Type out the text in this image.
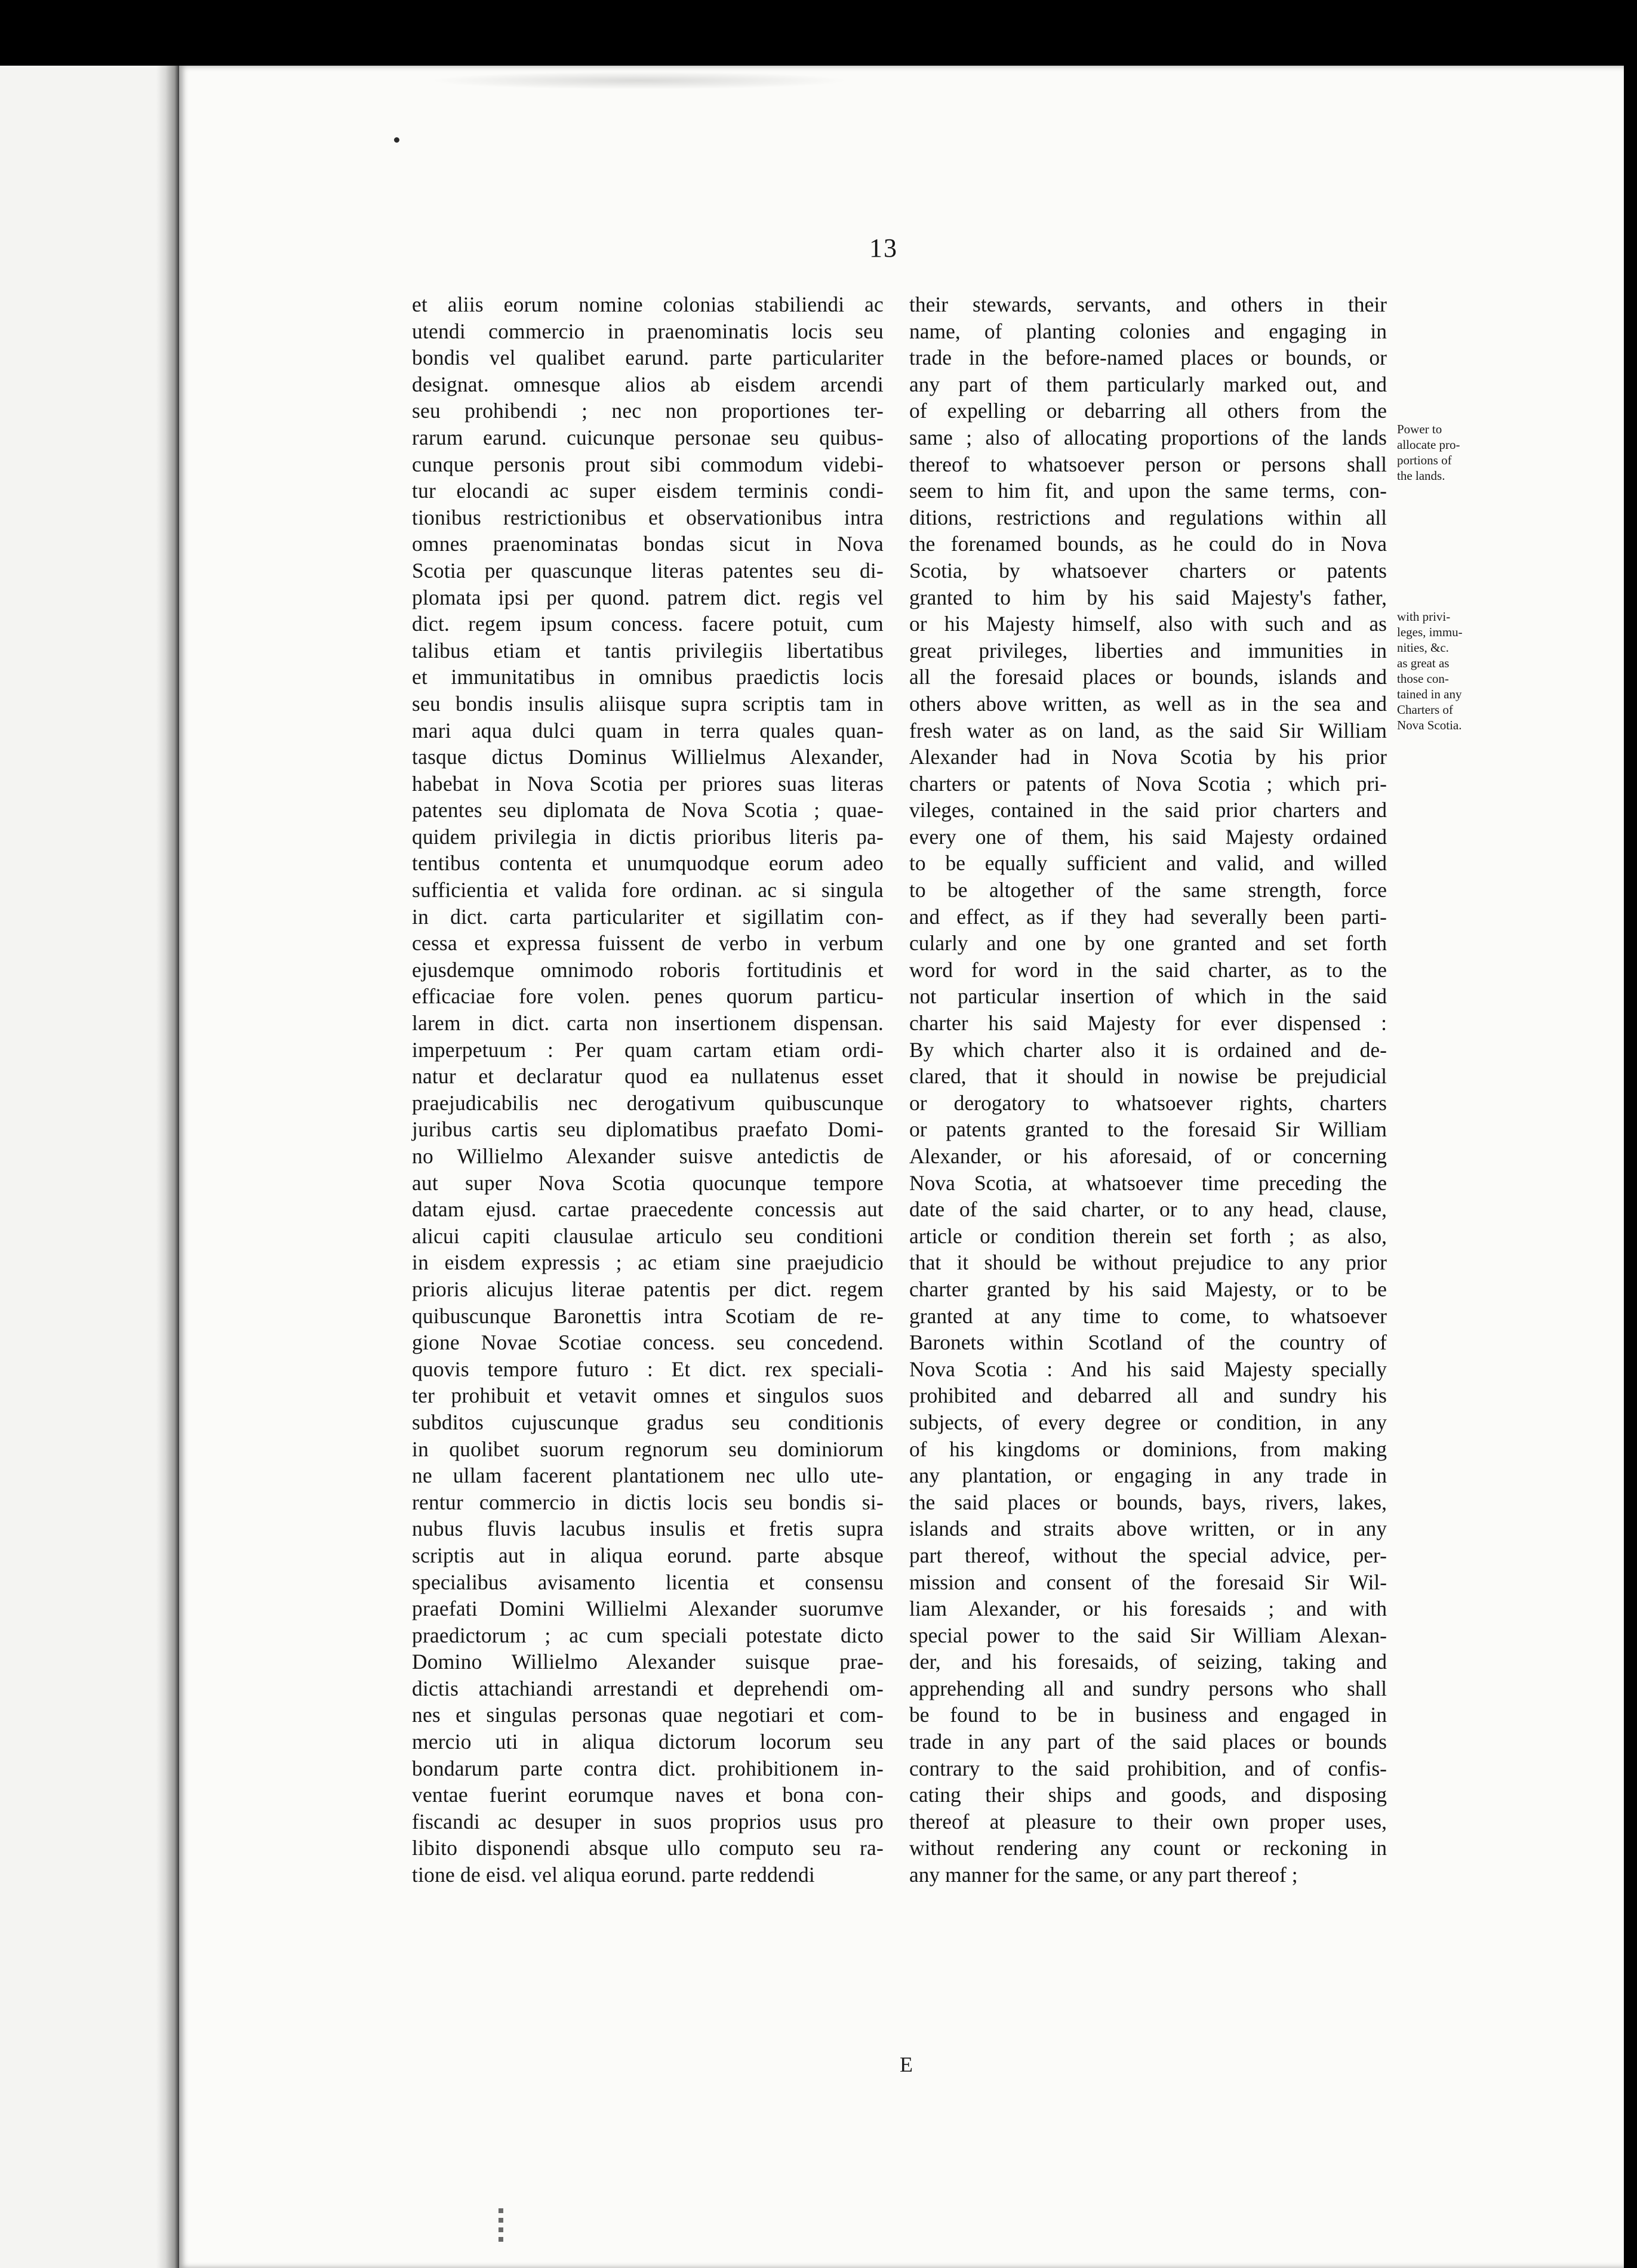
13
et aliis eorum nomine colonias stabiliendi ac
utendi commercio in praenominatis locis seu
bondis vel qualibet earund. parte particulariter
designat. omnesque alios ab eisdem arcendi
seu prohibendi ; nec non proportiones ter-
rarum earund. cuicunque personae seu quibus-
cunque personis prout sibi commodum videbi-
tur elocandi ac super eisdem terminis condi-
tionibus restrictionibus et observationibus intra
omnes praenominatas bondas sicut in Nova
Scotia per quascunque literas patentes seu di-
plomata ipsi per quond. patrem dict. regis vel
dict. regem ipsum concess. facere potuit, cum
talibus etiam et tantis privilegiis libertatibus
et immunitatibus in omnibus praedictis locis
seu bondis insulis aliisque supra scriptis tam in
mari aqua dulci quam in terra quales quan-
tasque dictus Dominus Willielmus Alexander,
habebat in Nova Scotia per priores suas literas
patentes seu diplomata de Nova Scotia ; quae-
quidem privilegia in dictis prioribus literis pa-
tentibus contenta et unumquodque eorum adeo
sufficientia et valida fore ordinan. ac si singula
in dict. carta particulariter et sigillatim con-
cessa et expressa fuissent de verbo in verbum
ejusdemque omnimodo roboris fortitudinis et
efficaciae fore volen. penes quorum particu-
larem in dict. carta non insertionem dispensan.
imperpetuum : Per quam cartam etiam ordi-
natur et declaratur quod ea nullatenus esset
praejudicabilis nec derogativum quibuscunque
juribus cartis seu diplomatibus praefato Domi-
no Willielmo Alexander suisve antedictis de
aut super Nova Scotia quocunque tempore
datam ejusd. cartae praecedente concessis aut
alicui capiti clausulae articulo seu conditioni
in eisdem expressis ; ac etiam sine praejudicio
prioris alicujus literae patentis per dict. regem
quibuscunque Baronettis intra Scotiam de re-
gione Novae Scotiae concess. seu concedend.
quovis tempore futuro : Et dict. rex speciali-
ter prohibuit et vetavit omnes et singulos suos
subditos cujuscunque gradus seu conditionis
in quolibet suorum regnorum seu dominiorum
ne ullam facerent plantationem nec ullo ute-
rentur commercio in dictis locis seu bondis si-
nubus fluvis lacubus insulis et fretis supra
scriptis aut in aliqua eorund. parte absque
specialibus avisamento licentia et consensu
praefati Domini Willielmi Alexander suorumve
praedictorum ; ac cum speciali potestate dicto
Domino Willielmo Alexander suisque prae-
dictis attachiandi arrestandi et deprehendi om-
nes et singulas personas quae negotiari et com-
mercio uti in aliqua dictorum locorum seu
bondarum parte contra dict. prohibitionem in-
ventae fuerint eorumque naves et bona con-
fiscandi ac desuper in suos proprios usus pro
libito disponendi absque ullo computo seu ra-
tione de eisd. vel aliqua eorund. parte reddendi
their stewards, servants, and others in their
name, of planting colonies and engaging in
trade in the before-named places or bounds, or
any part of them particularly marked out, and
of expelling or debarring all others from the
same ; also of allocating proportions of the lands
thereof to whatsoever person or persons shall
seem to him fit, and upon the same terms, con-
ditions, restrictions and regulations within all
the forenamed bounds, as he could do in Nova
Scotia, by whatsoever charters or patents
granted to him by his said Majesty's father,
or his Majesty himself, also with such and as
great privileges, liberties and immunities in
all the foresaid places or bounds, islands and
others above written, as well as in the sea and
fresh water as on land, as the said Sir William
Alexander had in Nova Scotia by his prior
charters or patents of Nova Scotia ; which pri-
vileges, contained in the said prior charters and
every one of them, his said Majesty ordained
to be equally sufficient and valid, and willed
to be altogether of the same strength, force
and effect, as if they had severally been parti-
cularly and one by one granted and set forth
word for word in the said charter, as to the
not particular insertion of which in the said
charter his said Majesty for ever dispensed :
By which charter also it is ordained and de-
clared, that it should in nowise be prejudicial
or derogatory to whatsoever rights, charters
or patents granted to the foresaid Sir William
Alexander, or his aforesaid, of or concerning
Nova Scotia, at whatsoever time preceding the
date of the said charter, or to any head, clause,
article or condition therein set forth ; as also,
that it should be without prejudice to any prior
charter granted by his said Majesty, or to be
granted at any time to come, to whatsoever
Baronets within Scotland of the country of
Nova Scotia : And his said Majesty specially
prohibited and debarred all and sundry his
subjects, of every degree or condition, in any
of his kingdoms or dominions, from making
any plantation, or engaging in any trade in
the said places or bounds, bays, rivers, lakes,
islands and straits above written, or in any
part thereof, without the special advice, per-
mission and consent of the foresaid Sir Wil-
liam Alexander, or his foresaids ; and with
special power to the said Sir William Alexan-
der, and his foresaids, of seizing, taking and
apprehending all and sundry persons who shall
be found to be in business and engaged in
trade in any part of the said places or bounds
contrary to the said prohibition, and of confis-
cating their ships and goods, and disposing
thereof at pleasure to their own proper uses,
without rendering any count or reckoning in
any manner for the same, or any part thereof ;
Power to
allocate pro-
portions of
the lands.
with privi-
leges, immu-
nities, &c.
as great as
those con-
tained in any
Charters of
Nova Scotia.
E
